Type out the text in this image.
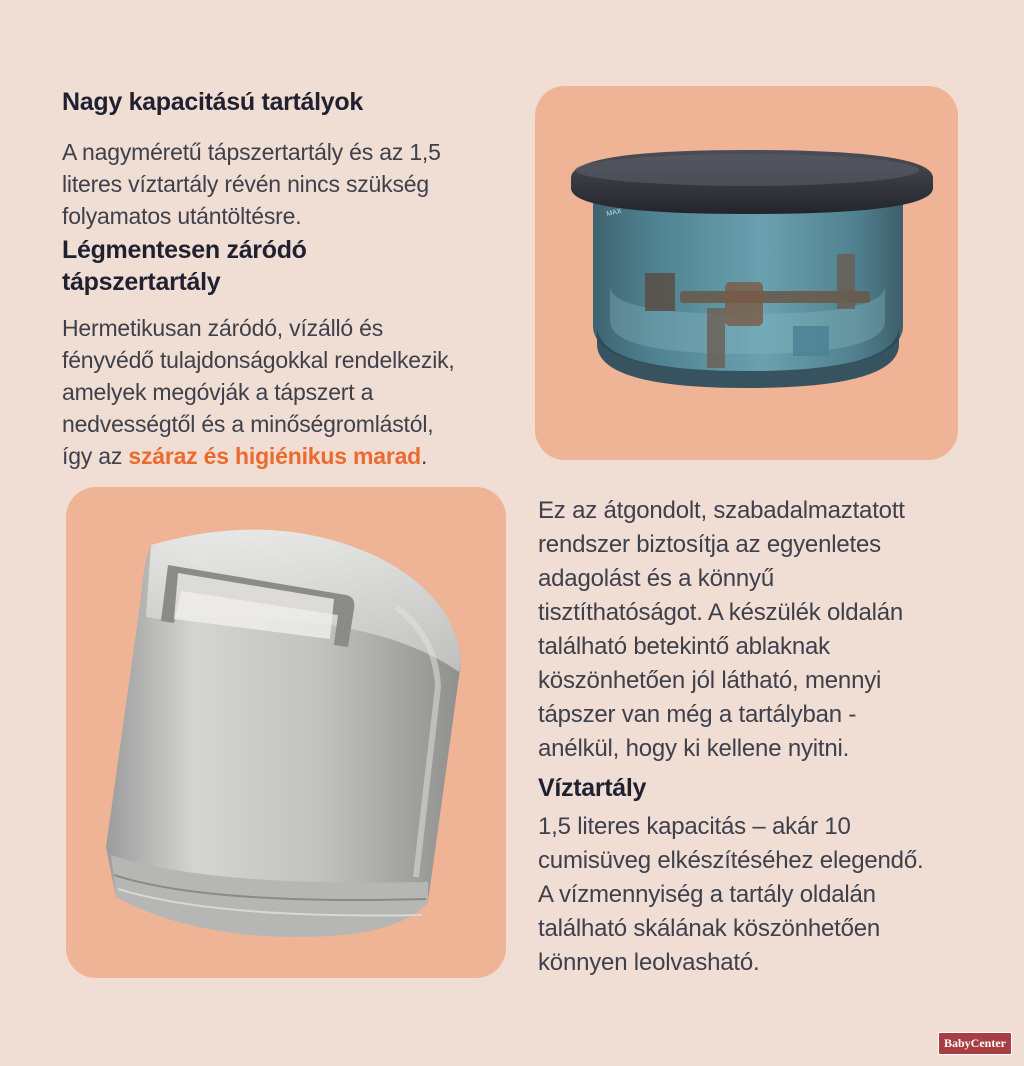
Nagy kapacitású tartályok
A nagyméretű tápszertartály és az 1,5
literes víztartály révén nincs szükség
folyamatos utántöltésre.
Légmentesen záródó
tápszertartály
Hermetikusan záródó, vízálló és
fényvédő tulajdonságokkal rendelkezik,
amelyek megóvják a tápszert a
nedvességtől és a minőségromlástól,
így az száraz és higiénikus marad.
MAX
Ez az átgondolt, szabadalmaztatott
rendszer biztosítja az egyenletes
adagolást és a könnyű
tisztíthatóságot. A készülék oldalán
található betekintő ablaknak
köszönhetően jól látható, mennyi
tápszer van még a tartályban -
anélkül, hogy ki kellene nyitni.
Víztartály
1,5 literes kapacitás – akár 10
cumisüveg elkészítéséhez elegendő.
A vízmennyiség a tartály oldalán
található skálának köszönhetően
könnyen leolvasható.
BabyCenter
